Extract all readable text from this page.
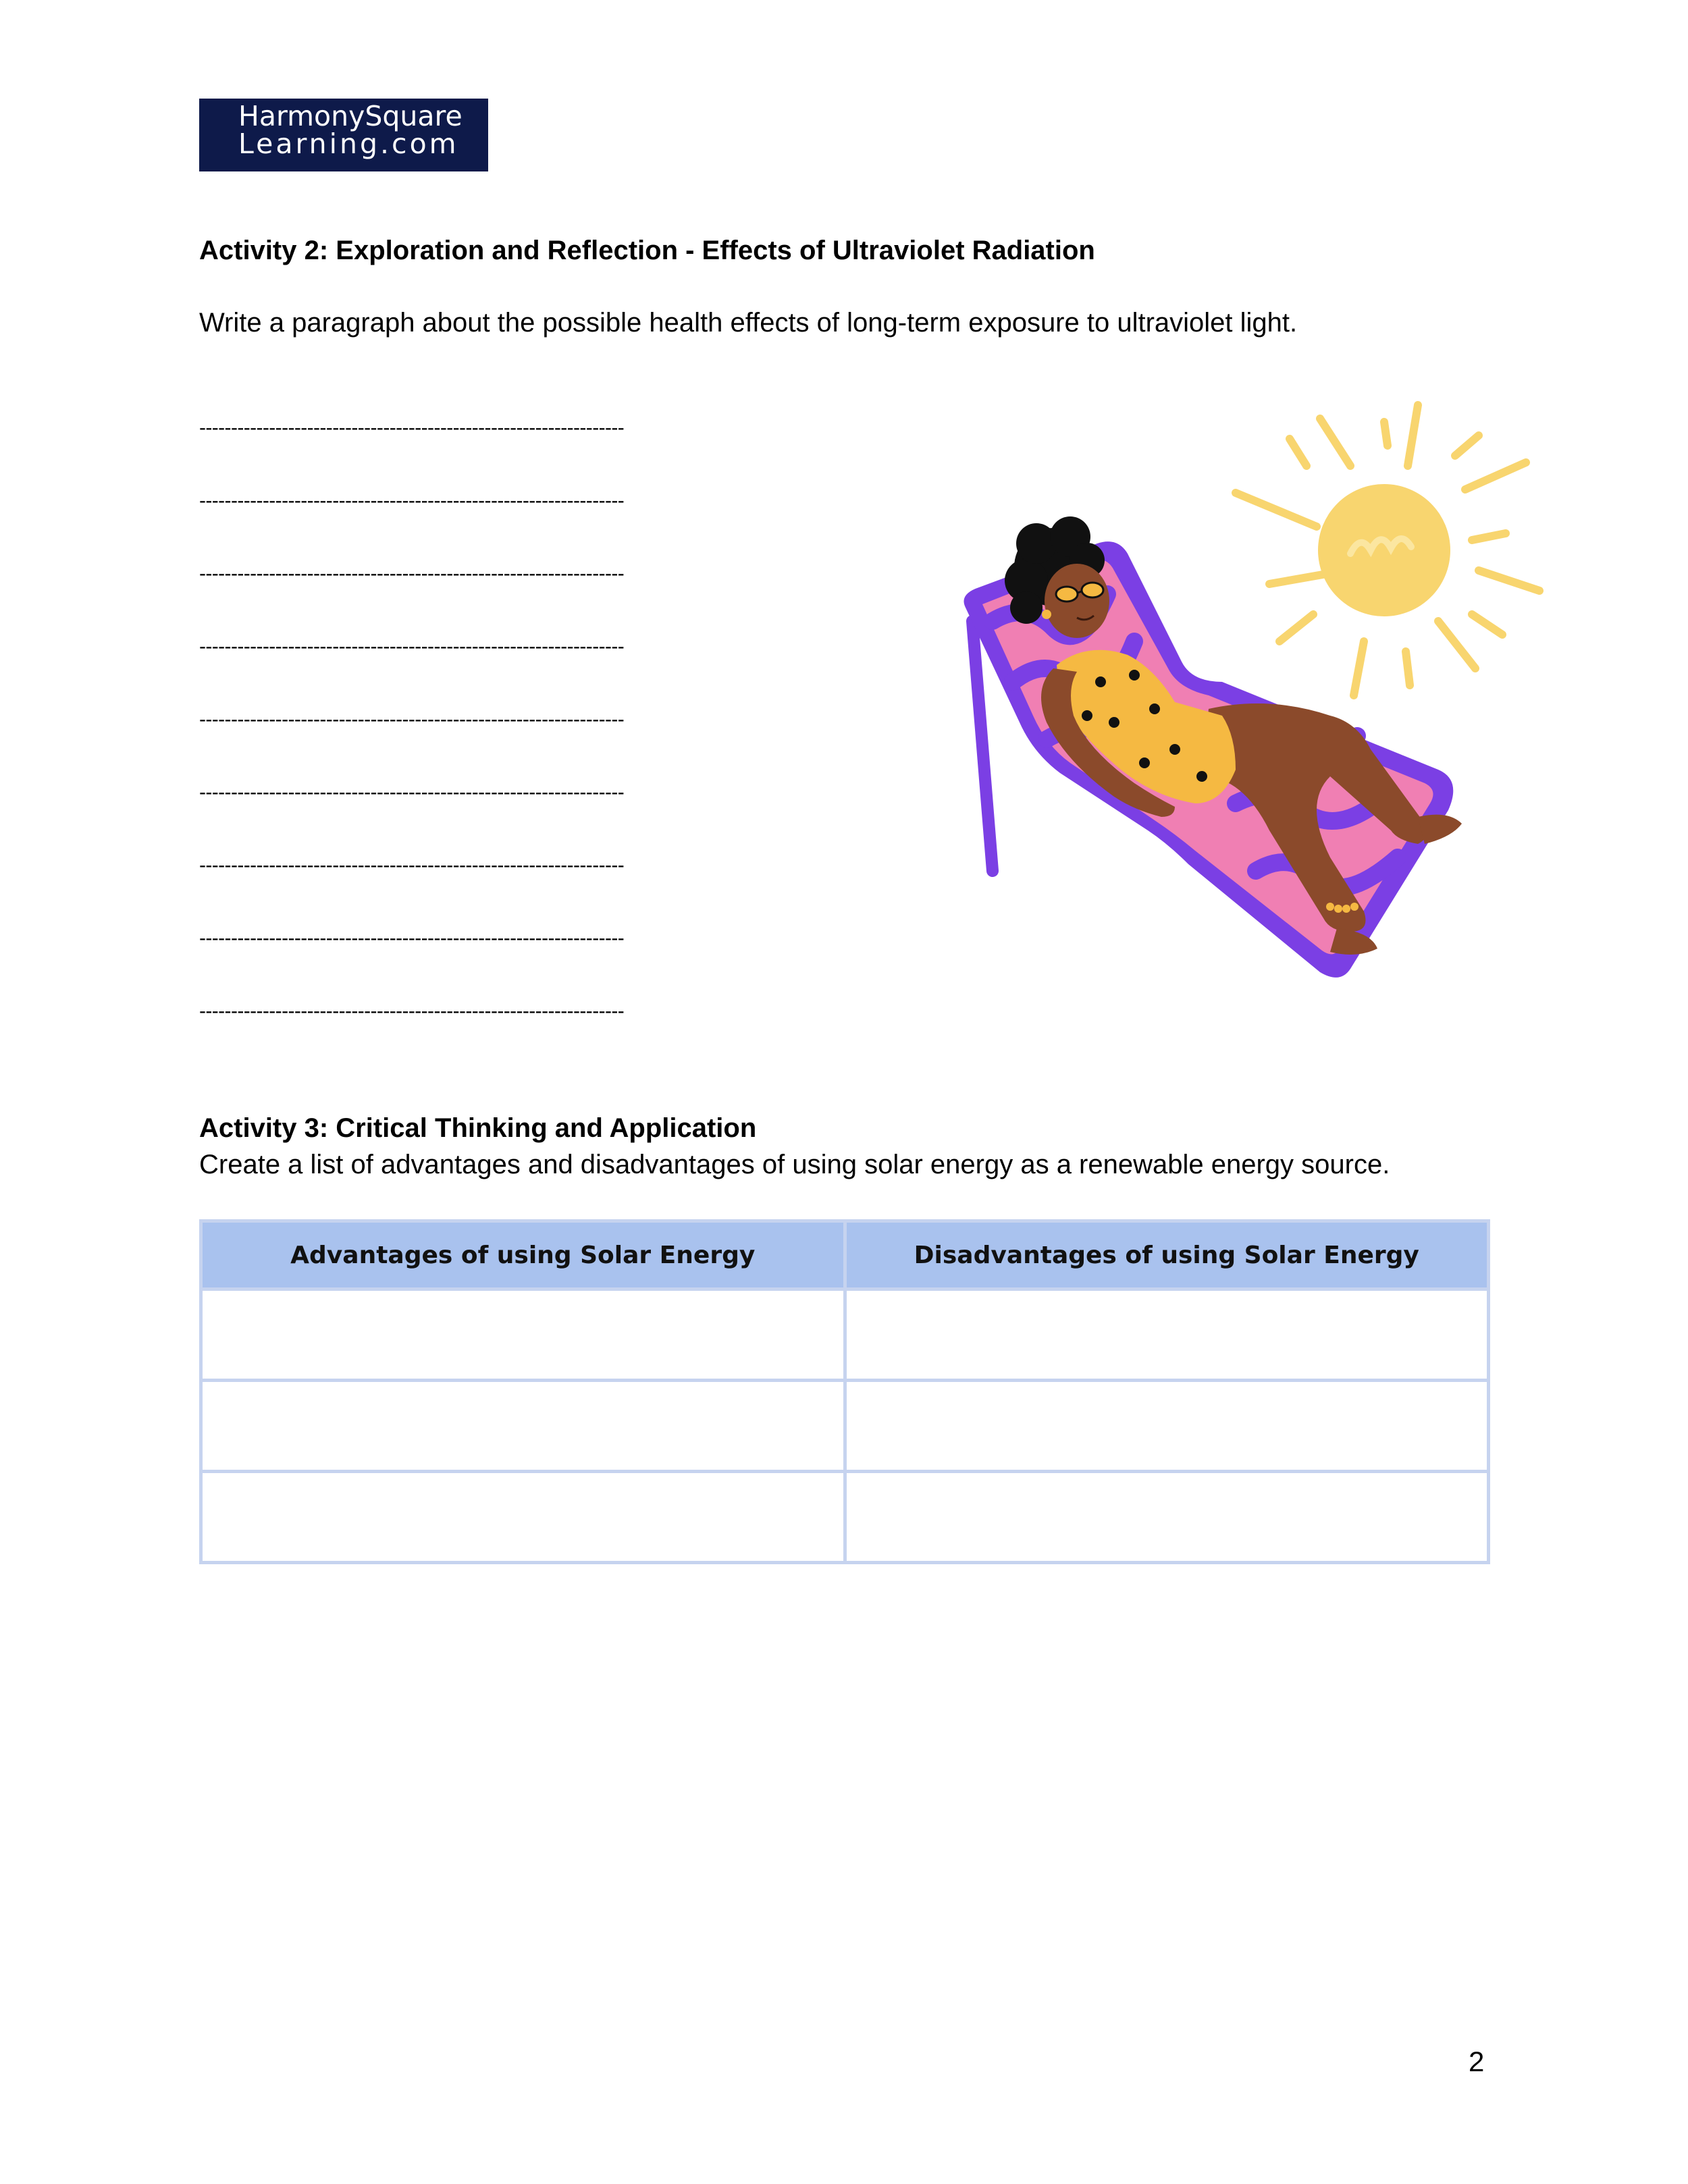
HarmonySquare
Learning.com
Activity 2: Exploration and Reflection - Effects of Ultraviolet Radiation
Write a paragraph about the possible health effects of long-term exposure to ultraviolet light.
-------------------------------------------------------------------
-------------------------------------------------------------------
-------------------------------------------------------------------
-------------------------------------------------------------------
-------------------------------------------------------------------
-------------------------------------------------------------------
-------------------------------------------------------------------
-------------------------------------------------------------------
-------------------------------------------------------------------
Activity 3: Critical Thinking and Application
Create a list of advantages and disadvantages of using solar energy as a renewable energy source.
Advantages of using Solar Energy	Disadvantages of using Solar Energy

2
